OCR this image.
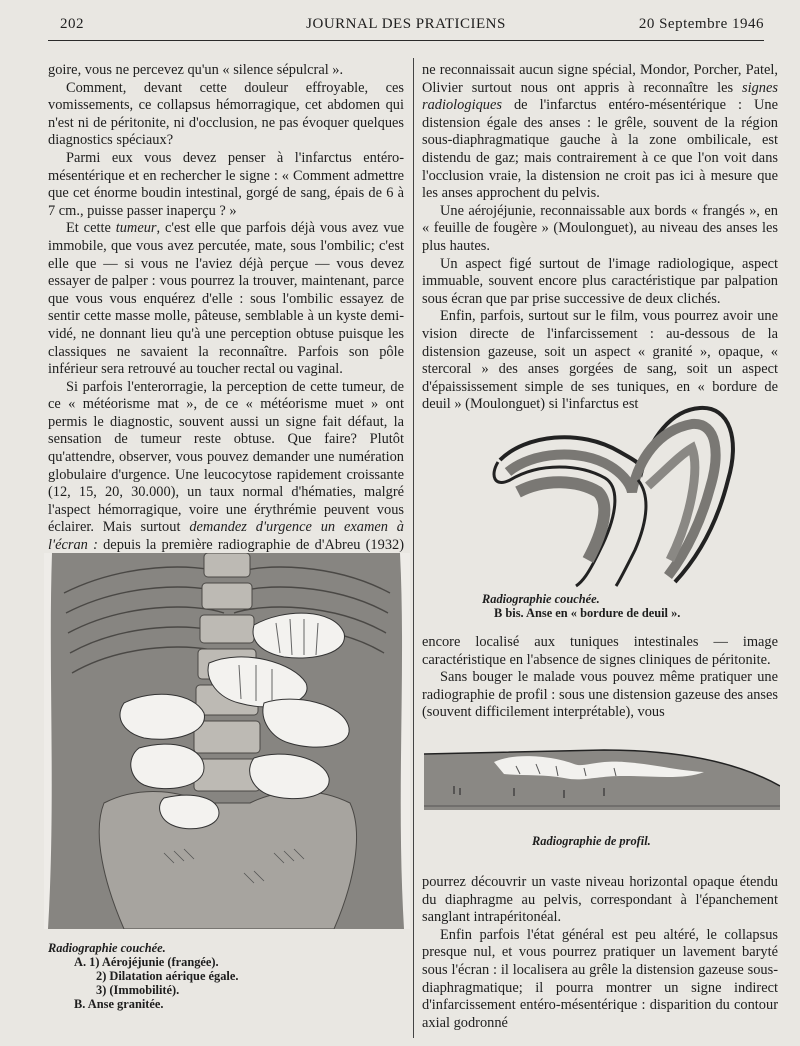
202	JOURNAL DES PRATICIENS	20 Septembre 1946

goire, vous ne percevez qu'un « silence sépulcral ».

Comment, devant cette douleur effroyable, ces vomissements, ce collapsus hémorragique, cet abdomen qui n'est ni de péritonite, ni d'occlusion, ne pas évoquer quelques diagnostics spéciaux?

Parmi eux vous devez penser à l'infarctus entéro-mésentérique et en rechercher le signe : « Comment admettre que cet énorme boudin intestinal, gorgé de sang, épais de 6 à 7 cm., puisse passer inaperçu ? »

Et cette tumeur, c'est elle que parfois déjà vous avez vue immobile, que vous avez percutée, mate, sous l'ombilic; c'est elle que — si vous ne l'aviez déjà perçue — vous devez essayer de palper : vous pourrez la trouver, maintenant, parce que vous vous enquérez d'elle : sous l'ombilic essayez de sentir cette masse molle, pâteuse, semblable à un kyste demi-vidé, ne donnant lieu qu'à une perception obtuse puisque les classiques ne savaient la reconnaître. Parfois son pôle inférieur sera retrouvé au toucher rectal ou vaginal.

Si parfois l'enterorragie, la perception de cette tumeur, de ce « météorisme mat », de ce « météorisme muet » ont permis le diagnostic, souvent aussi un signe fait défaut, la sensation de tumeur reste obtuse. Que faire? Plutôt qu'attendre, observer, vous pouvez demander une numération globulaire d'urgence. Une leucocytose rapidement croissante (12, 15, 20, 30.000), un taux normal d'hématies, malgré l'aspect hémorragique, voire une érythrémie peuvent vous éclairer. Mais surtout demandez d'urgence un examen à l'écran : depuis la première radiographie de d'Abreu (1932)

ne reconnaissait aucun signe spécial, Mondor, Porcher, Patel, Olivier surtout nous ont appris à reconnaître les signes radiologiques de l'infarctus entéro-mésentérique : Une distension égale des anses : le grêle, souvent de la région sous-diaphragmatique gauche à la zone ombilicale, est distendu de gaz; mais contrairement à ce que l'on voit dans l'occlusion vraie, la distension ne croit pas ici à mesure que les anses approchent du pelvis.

Une aérojéjunie, reconnaissable aux bords « frangés », en « feuille de fougère » (Moulonguet), au niveau des anses les plus hautes.

Un aspect figé surtout de l'image radiologique, aspect immuable, souvent encore plus caractéristique par palpation sous écran que par prise successive de deux clichés.

Enfin, parfois, surtout sur le film, vous pourrez avoir une vision directe de l'infarcissement : au-dessous de la distension gazeuse, soit un aspect « granité », opaque, « stercoral » des anses gorgées de sang, soit un aspect d'épaississement simple de ses tuniques, en « bordure de deuil » (Moulonguet) si l'infarctus est

Radiographie couchée.
B bis. Anse en « bordure de deuil ».

encore localisé aux tuniques intestinales — image caractéristique en l'absence de signes cliniques de péritonite.

Sans bouger le malade vous pouvez même pratiquer une radiographie de profil : sous une distension gazeuse des anses (souvent difficilement interprétable), vous

Radiographie de profil.

pourrez découvrir un vaste niveau horizontal opaque étendu du diaphragme au pelvis, correspondant à l'épanchement sanglant intrapéritonéal.

Enfin parfois l'état général est peu altéré, le collapsus presque nul, et vous pourrez pratiquer un lavement baryté sous l'écran : il localisera au grêle la distension gazeuse sous-diaphragmatique; il pourra montrer un signe indirect d'infarcissement entéro-mésentérique : disparition du contour axial godronné

Radiographie couchée.
A. 1) Aérojéjunie (frangée).
2) Dilatation aérique égale.
3) (Immobilité).
B. Anse granitée.
